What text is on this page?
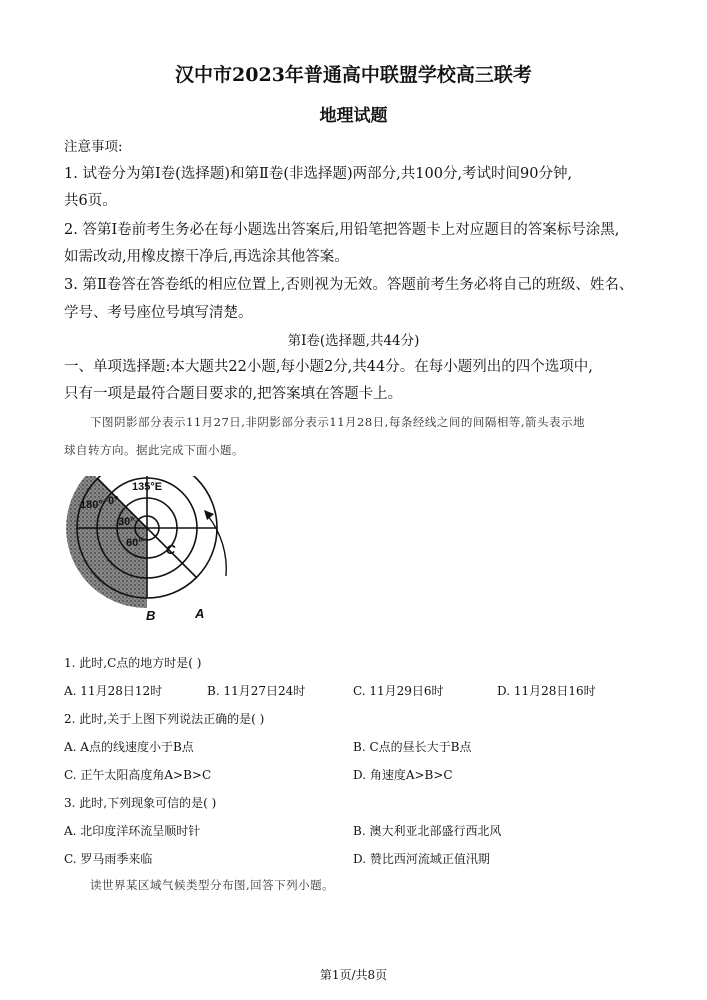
汉中市2023年普通高中联盟学校高三联考
地理试题
注意事项:
1. 试卷分为第Ⅰ卷(选择题)和第Ⅱ卷(非选择题)两部分,共100分,考试时间90分钟,
共6页。
2. 答第Ⅰ卷前考生务必在每小题选出答案后,用铅笔把答题卡上对应题目的答案标号涂黑,
如需改动,用橡皮擦干净后,再选涂其他答案。
3. 第Ⅱ卷答在答卷纸的相应位置上,否则视为无效。答题前考生务必将自己的班级、姓名、
学号、考号座位号填写清楚。
第Ⅰ卷(选择题,共44分)
一、单项选择题:本大题共22小题,每小题2分,共44分。在每小题列出的四个选项中,
只有一项是最符合题目要求的,把答案填在答题卡上。
下图阴影部分表示11月27日,非阴影部分表示11月28日,每条经线之间的间隔相等,箭头表示地
球自转方向。据此完成下面小题。
135°E
180° 0°
30°
60° C
B	A
1. 此时,C点的地方时是( )
A. 11月28日12时	B. 11月27日24时	C. 11月29日6时	D. 11月28日16时
2. 此时,关于上图下列说法正确的是( )
A. A点的线速度小于B点	B. C点的昼长大于B点
C. 正午太阳高度角A>B>C	D. 角速度A>B>C
3. 此时,下列现象可信的是( )
A. 北印度洋环流呈顺时针	B. 澳大利亚北部盛行西北风
C. 罗马雨季来临	D. 赞比西河流域正值汛期
读世界某区域气候类型分布图,回答下列小题。
第1页/共8页
